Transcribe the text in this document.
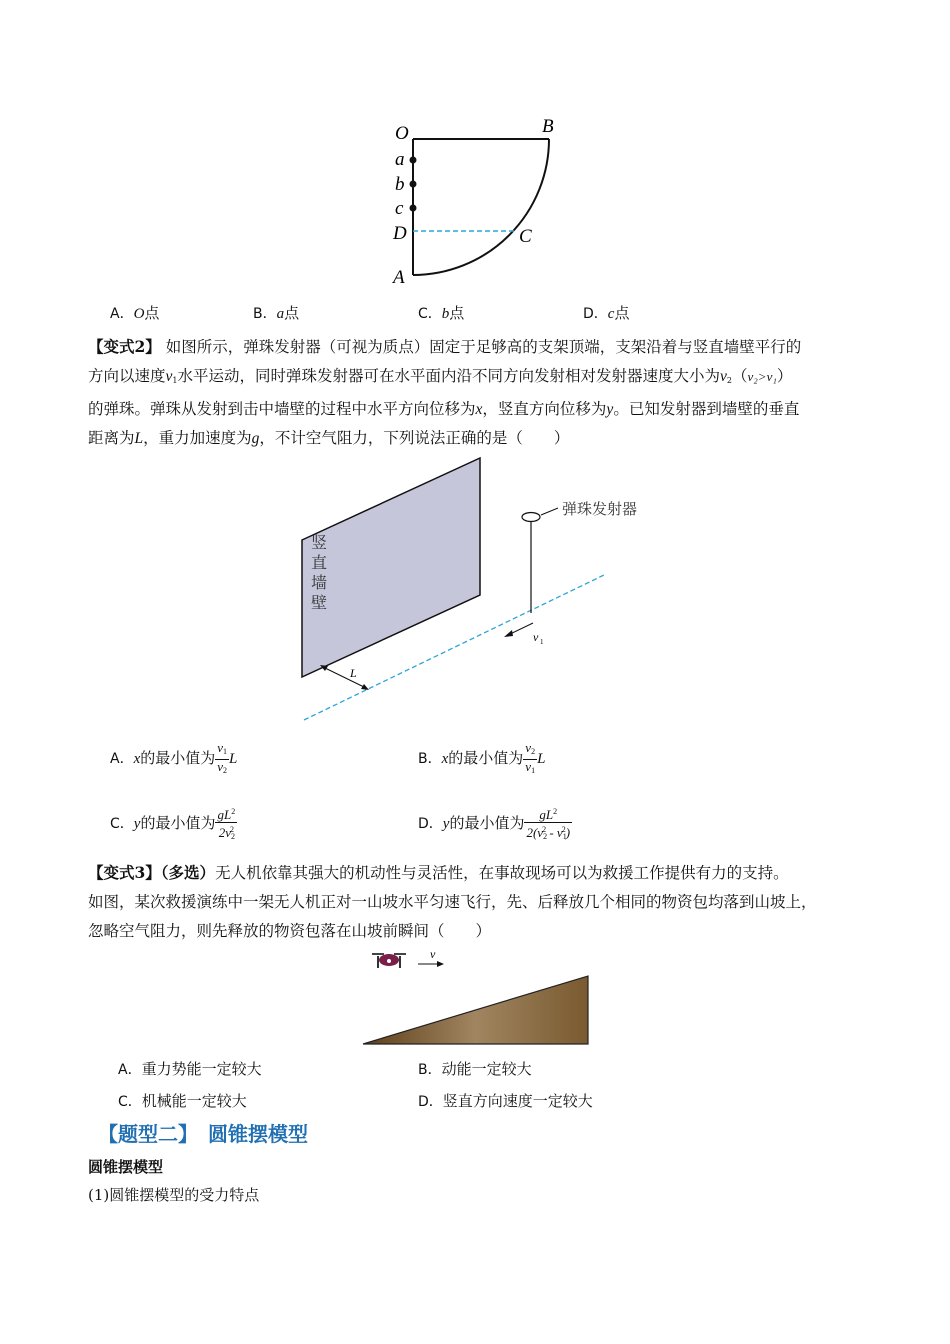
O	B
a
b
c
D	C
A
A．O点	B．a点	C．b点	D．c点
【变式2】 如图所示，弹珠发射器（可视为质点）固定于足够高的支架顶端，支架沿着与竖直墙壁平行的
方向以速度$v_1$水平运动，同时弹珠发射器可在水平面内沿不同方向发射相对发射器速度大小为$v_2(v_2>v_1)$
的弹珠。弹珠从发射到击中墙壁的过程中水平方向位移为x，竖直方向位移为y。已知发射器到墙壁的垂直
距离为L，重力加速度为g，不计空气阻力，下列说法正确的是（　　）
竖
直
墙
壁
弹珠发射器
v 1
L
A．x的最小值为 $\frac{v_1}{v_2}$ L	B．x的最小值为 $\frac{v_2}{v_1}$ L
C．y的最小值为 $\frac{gL^2}{2v_2^2}$	D．y的最小值为 $\frac{gL^2}{2(v_2^2 - v_1^2)}$
【变式3】（多选）无人机依靠其强大的机动性与灵活性，在事故现场可以为救援工作提供有力的支持。
如图，某次救援演练中一架无人机正对一山坡水平匀速飞行，先、后释放几个相同的物资包均落到山坡上，
忽略空气阻力，则先释放的物资包落在山坡前瞬间（　　）
v
A．重力势能一定较大	B．动能一定较大
C．机械能一定较大	D．竖直方向速度一定较大
【题型二】　圆锥摆模型
圆锥摆模型
(1)圆锥摆模型的受力特点
